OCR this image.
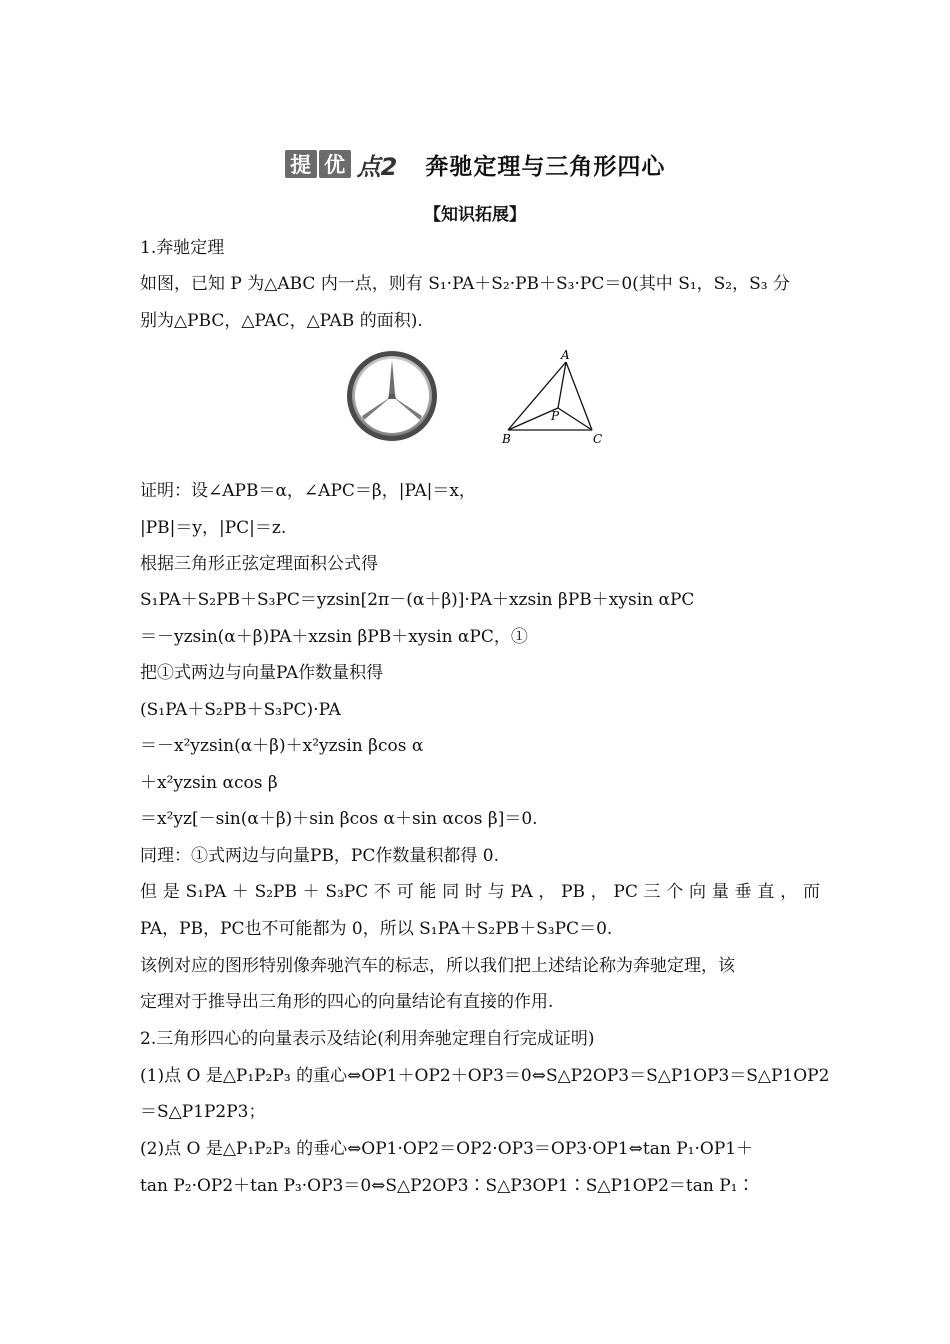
提 优 点2 奔驰定理与三角形四心
【知识拓展】
1.奔驰定理
如图，已知 P 为△ABC 内一点，则有 S₁·PA＋S₂·PB＋S₃·PC＝0(其中 S₁，S₂，S₃ 分
别为△PBC，△PAC，△PAB 的面积).
A
B	C
P
证明：设∠APB＝α，∠APC＝β，|PA|＝x，
|PB|＝y，|PC|＝z.
根据三角形正弦定理面积公式得
S₁PA＋S₂PB＋S₃PC＝yzsin[2π－(α＋β)]·PA＋xzsin βPB＋xysin αPC
＝－yzsin(α＋β)PA＋xzsin βPB＋xysin αPC，①
把①式两边与向量PA作数量积得
(S₁PA＋S₂PB＋S₃PC)·PA
＝－x²yzsin(α＋β)＋x²yzsin βcos α
＋x²yzsin αcos β
＝x²yz[－sin(α＋β)＋sin βcos α＋sin αcos β]＝0.
同理：①式两边与向量PB，PC作数量积都得 0.
但 是 S₁PA ＋ S₂PB ＋ S₃PC 不 可 能 同 时 与 PA ， PB ， PC 三 个 向 量 垂 直 ， 而
PA，PB，PC也不可能都为 0，所以 S₁PA＋S₂PB＋S₃PC＝0.
该例对应的图形特别像奔驰汽车的标志，所以我们把上述结论称为奔驰定理，该
定理对于推导出三角形的四心的向量结论有直接的作用.
2.三角形四心的向量表示及结论(利用奔驰定理自行完成证明)
(1)点 O 是△P₁P₂P₃ 的重心⇔OP1＋OP2＋OP3＝0⇔S△P2OP3＝S△P1OP3＝S△P1OP2
＝S△P1P2P3；
(2)点 O 是△P₁P₂P₃ 的垂心⇔OP1·OP2＝OP2·OP3＝OP3·OP1⇔tan P₁·OP1＋
tan P₂·OP2＋tan P₃·OP3＝0⇔S△P2OP3∶S△P3OP1∶S△P1OP2＝tan P₁∶
